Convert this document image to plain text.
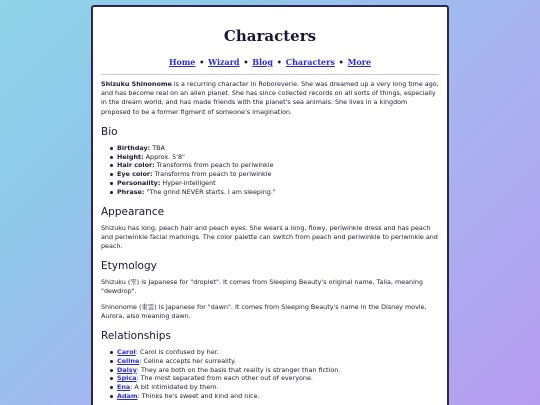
Characters
Home • Wizard • Blog • Characters • More

Shizuku Shinonome is a recurring character in Roboreverie. She was dreamed up a very long time ago, and has become real on an alien planet. She has since collected records on all sorts of things, especially in the dream world, and has made friends with the planet's sea animals. She lives in a kingdom proposed to be a former figment of someone's imagination.

Bio
Birthday: TBA
Height: Approx. 5'8"
Hair color: Transforms from peach to periwinkle
Eye color: Transforms from peach to periwinkle
Personality: Hyper-intelligent
Phrase: "The grind NEVER starts. I am sleeping."
Appearance

Shizuku has long, peach hair and peach eyes. She wears a long, flowy, periwinkle dress and has peach and periwinkle facial markings. The color palette can switch from peach and periwinkle to periwinkle and peach.

Etymology

Shizuku (雫) is Japanese for "droplet". It comes from Sleeping Beauty's original name, Talia, meaning "dewdrop".

Shinonome (東雲) is Japanese for "dawn". It comes from Sleeping Beauty's name in the Disney movie, Aurora, also meaning dawn.

Relationships
Carol: Carol is confused by her.
Celine: Celine accepts her surreality.
Daisy: They are both on the basis that reality is stranger than fiction.
Spica: The most separated from each other out of everyone.
Ena: A bit intimidated by them.
Adam: Thinks he's sweet and kind and nice.
